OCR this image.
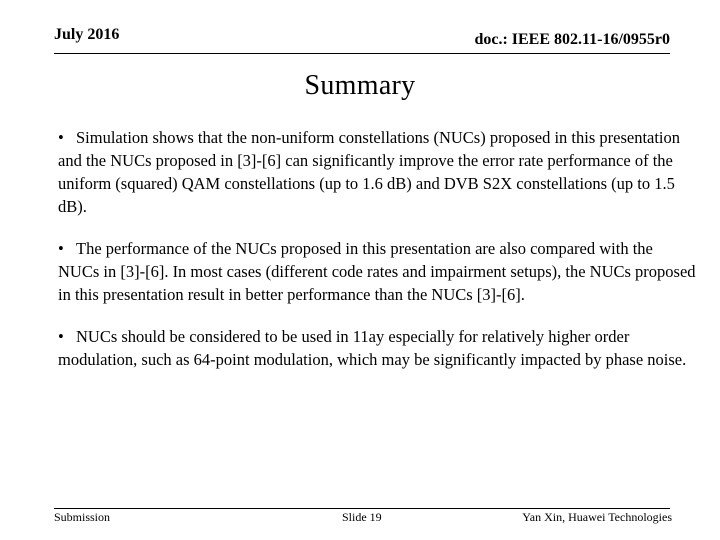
July 2016	doc.: IEEE 802.11-16/0955r0
Summary

• Simulation shows that the non-uniform constellations (NUCs) proposed in this presentation and the NUCs proposed in [3]-[6] can significantly improve the error rate performance of the uniform (squared) QAM constellations (up to 1.6 dB) and DVB S2X constellations (up to 1.5 dB).

• The performance of the NUCs proposed in this presentation are also compared with the NUCs in [3]-[6]. In most cases (different code rates and impairment setups), the NUCs proposed in this presentation result in better performance than the NUCs [3]-[6].

• NUCs should be considered to be used in 11ay especially for relatively higher order modulation, such as 64-point modulation, which may be significantly impacted by phase noise.

Submission	Slide 19	Yan Xin, Huawei Technologies
